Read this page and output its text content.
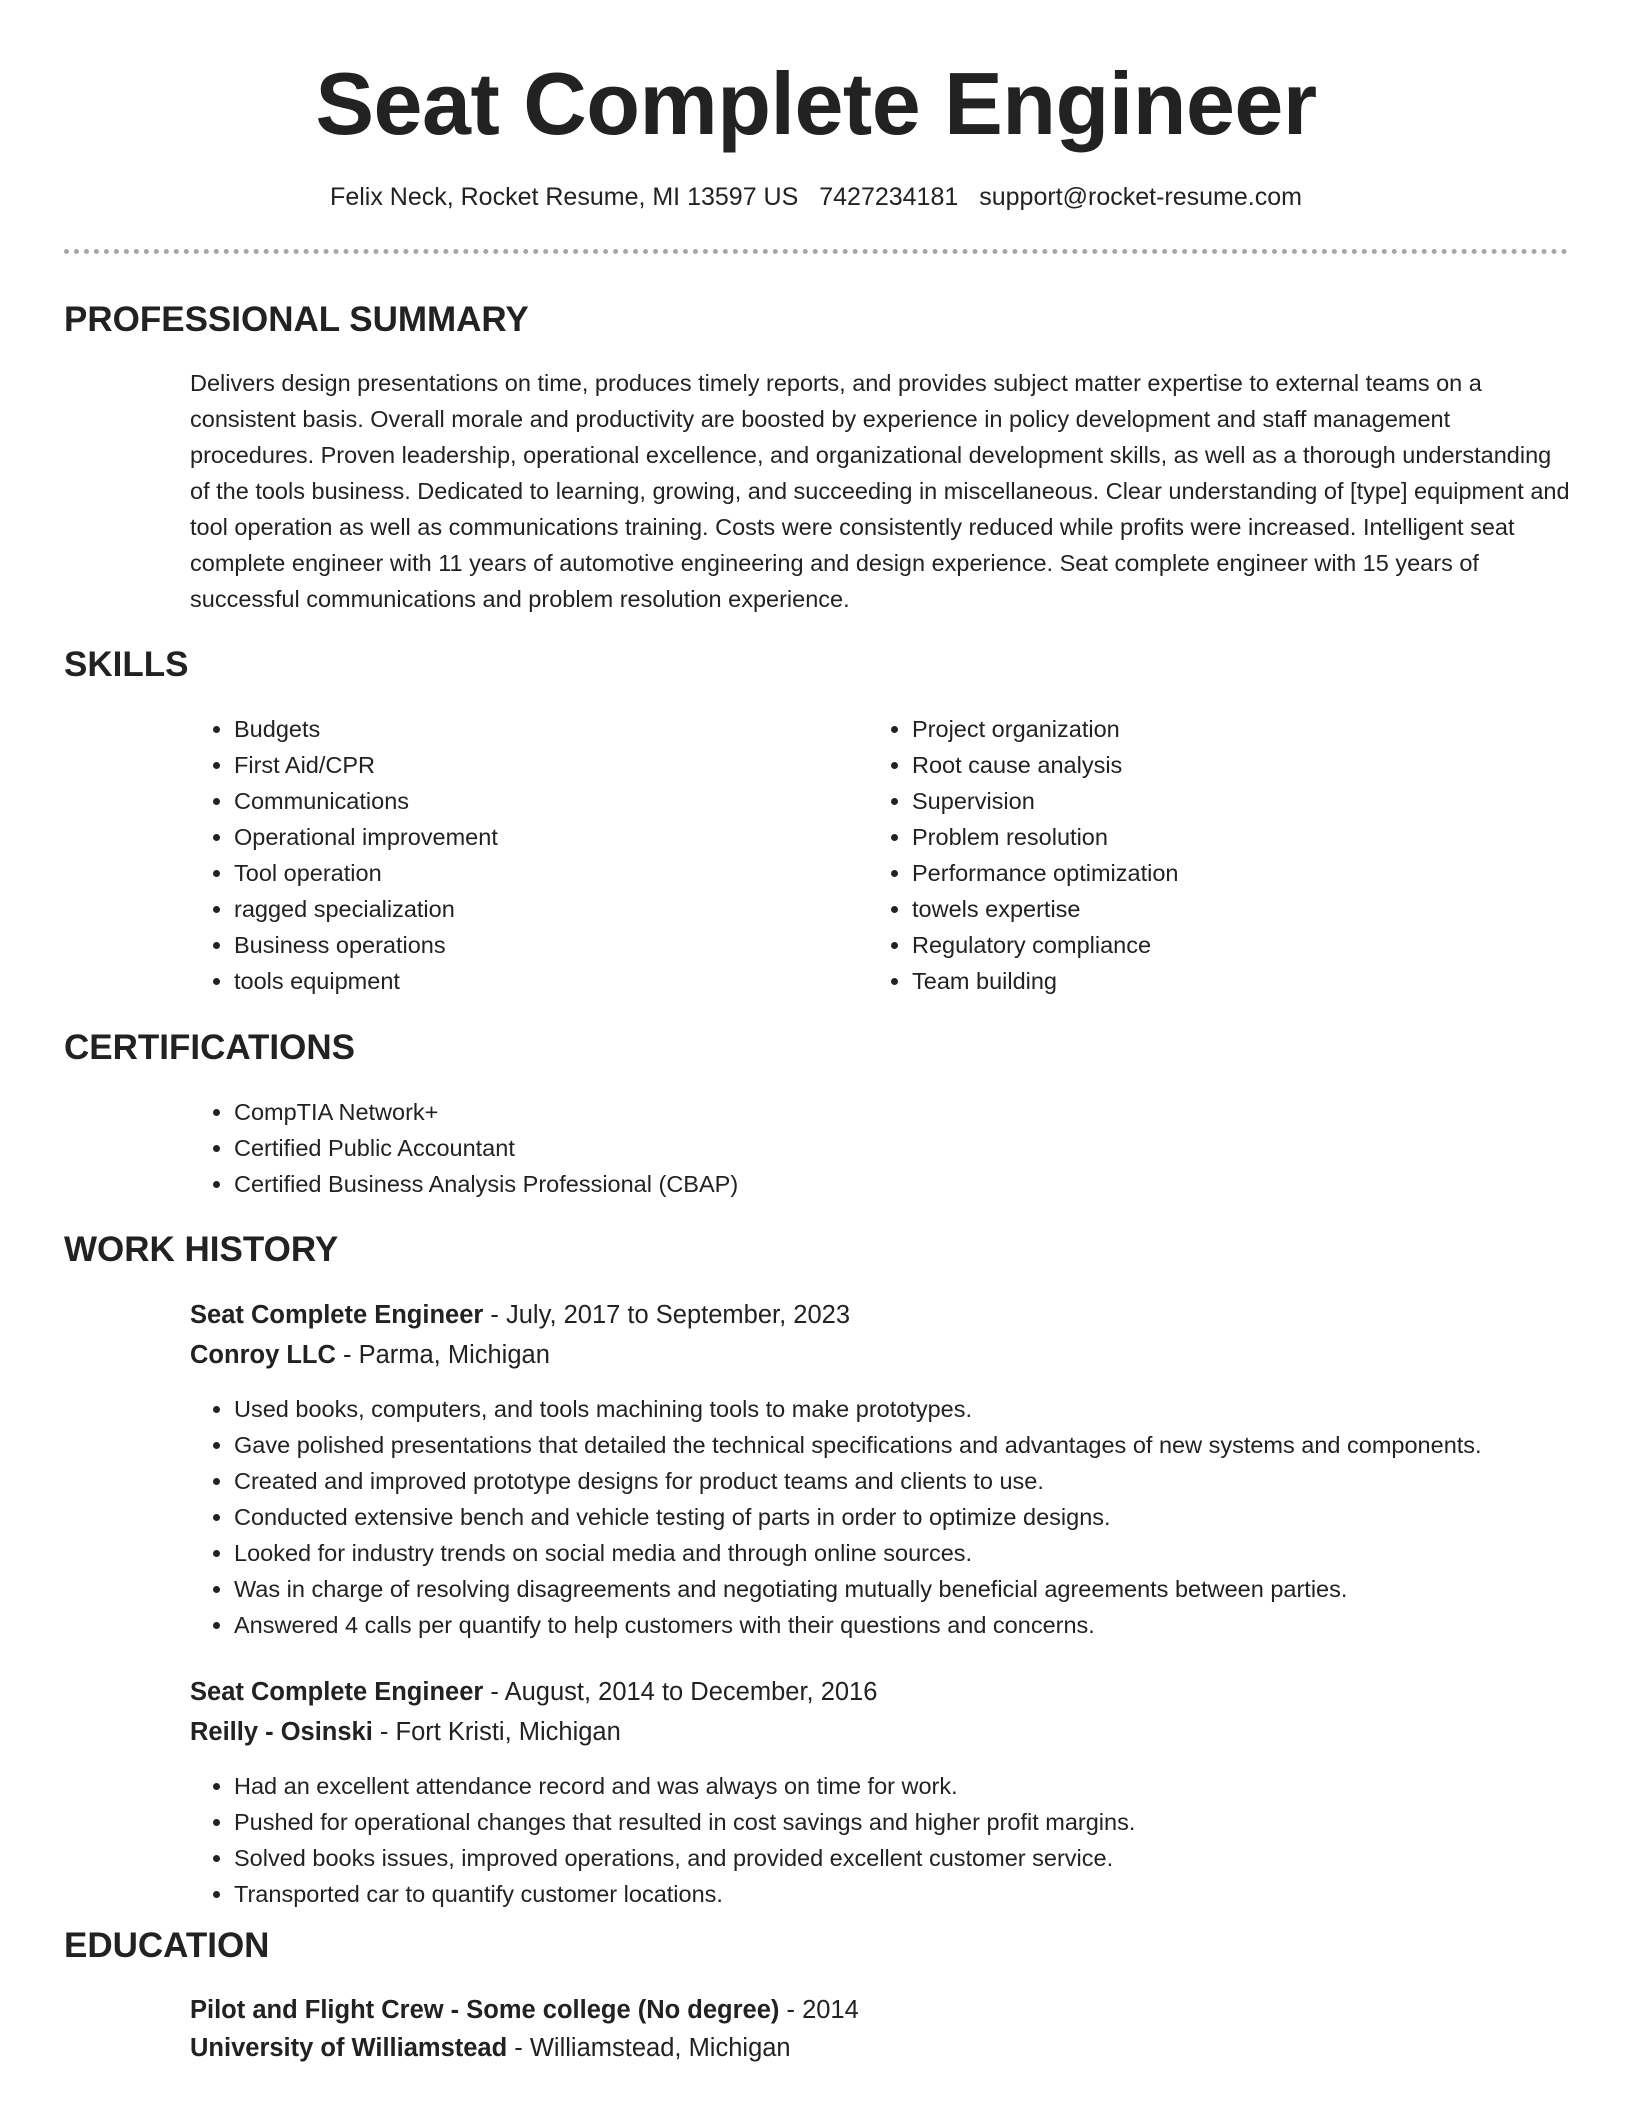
Seat Complete Engineer
Felix Neck, Rocket Resume, MI 13597 US 7427234181 support@rocket-resume.com
PROFESSIONAL SUMMARY
Delivers design presentations on time, produces timely reports, and provides subject matter expertise to external teams on a consistent basis. Overall morale and productivity are boosted by experience in policy development and staff management procedures. Proven leadership, operational excellence, and organizational development skills, as well as a thorough understanding of the tools business. Dedicated to learning, growing, and succeeding in miscellaneous. Clear understanding of [type] equipment and tool operation as well as communications training. Costs were consistently reduced while profits were increased. Intelligent seat complete engineer with 11 years of automotive engineering and design experience. Seat complete engineer with 15 years of successful communications and problem resolution experience.
SKILLS
• Budgets
• First Aid/CPR
• Communications
• Operational improvement
• Tool operation
• ragged specialization
• Business operations
• tools equipment
• Project organization
• Root cause analysis
• Supervision
• Problem resolution
• Performance optimization
• towels expertise
• Regulatory compliance
• Team building
CERTIFICATIONS
• CompTIA Network+
• Certified Public Accountant
• Certified Business Analysis Professional (CBAP)
WORK HISTORY
Seat Complete Engineer - July, 2017 to September, 2023
Conroy LLC - Parma, Michigan
• Used books, computers, and tools machining tools to make prototypes.
• Gave polished presentations that detailed the technical specifications and advantages of new systems and components.
• Created and improved prototype designs for product teams and clients to use.
• Conducted extensive bench and vehicle testing of parts in order to optimize designs.
• Looked for industry trends on social media and through online sources.
• Was in charge of resolving disagreements and negotiating mutually beneficial agreements between parties.
• Answered 4 calls per quantify to help customers with their questions and concerns.
Seat Complete Engineer - August, 2014 to December, 2016
Reilly - Osinski - Fort Kristi, Michigan
• Had an excellent attendance record and was always on time for work.
• Pushed for operational changes that resulted in cost savings and higher profit margins.
• Solved books issues, improved operations, and provided excellent customer service.
• Transported car to quantify customer locations.
EDUCATION
Pilot and Flight Crew - Some college (No degree) - 2014
University of Williamstead - Williamstead, Michigan
